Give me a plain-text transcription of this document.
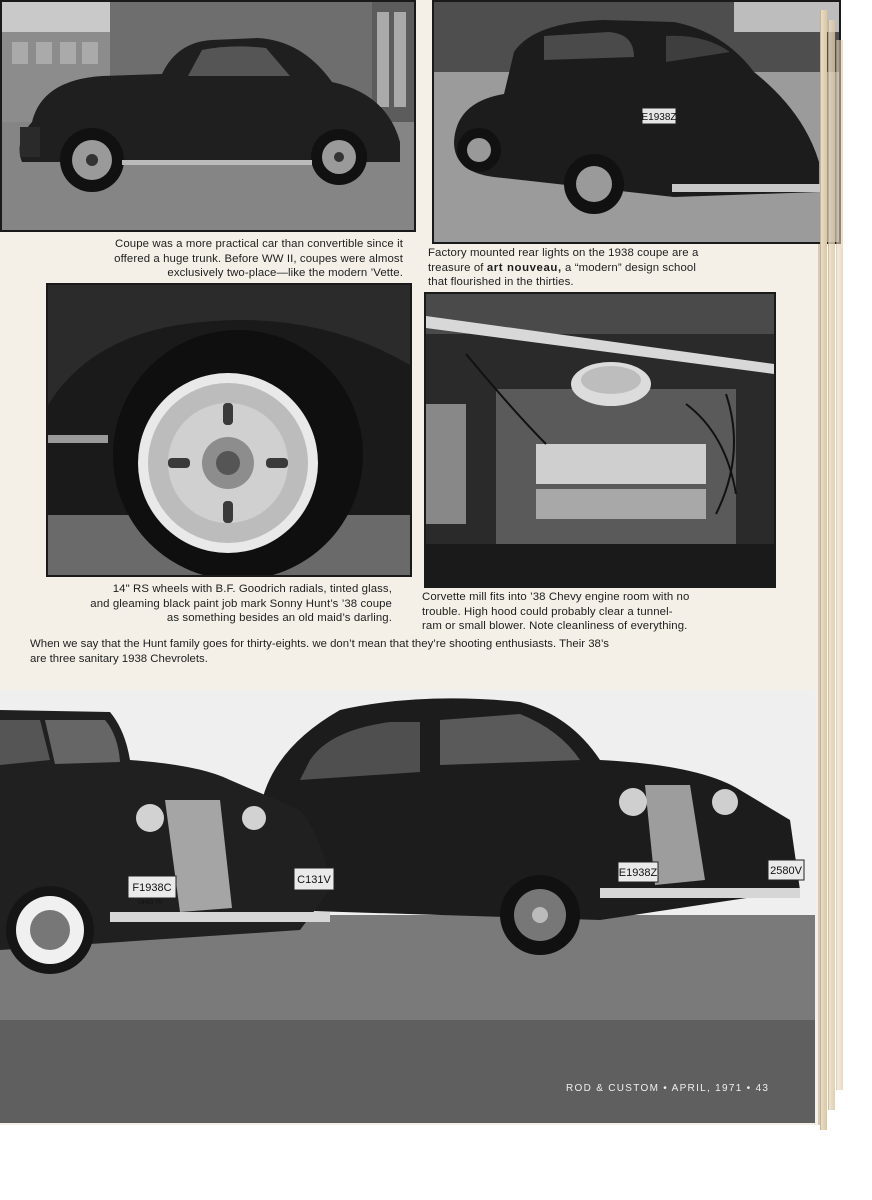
E1938Z
Coupe was a more practical car than convertible since it
offered a huge trunk. Before WW II, coupes were almost
exclusively two-place—like the modern ’Vette.
Factory mounted rear lights on the 1938 coupe are a
treasure of art nouveau, a “modern” design school
that flourished in the thirties.
14" RS wheels with B.F. Goodrich radials, tinted glass,
and gleaming black paint job mark Sonny Hunt’s ’38 coupe
as something besides an old maid’s darling.
Corvette mill fits into ’38 Chevy engine room with no
trouble. High hood could probably clear a tunnel-
ram or small blower. Note cleanliness of everything.
When we say that the Hunt family goes for thirty-eights. we don’t mean that they’re shooting enthusiasts. Their 38’s
are three sanitary 1938 Chevrolets.
E1938Z	2580V
F1938C
OHIO 70
C131V
ROD & CUSTOM • APRIL, 1971 • 43
